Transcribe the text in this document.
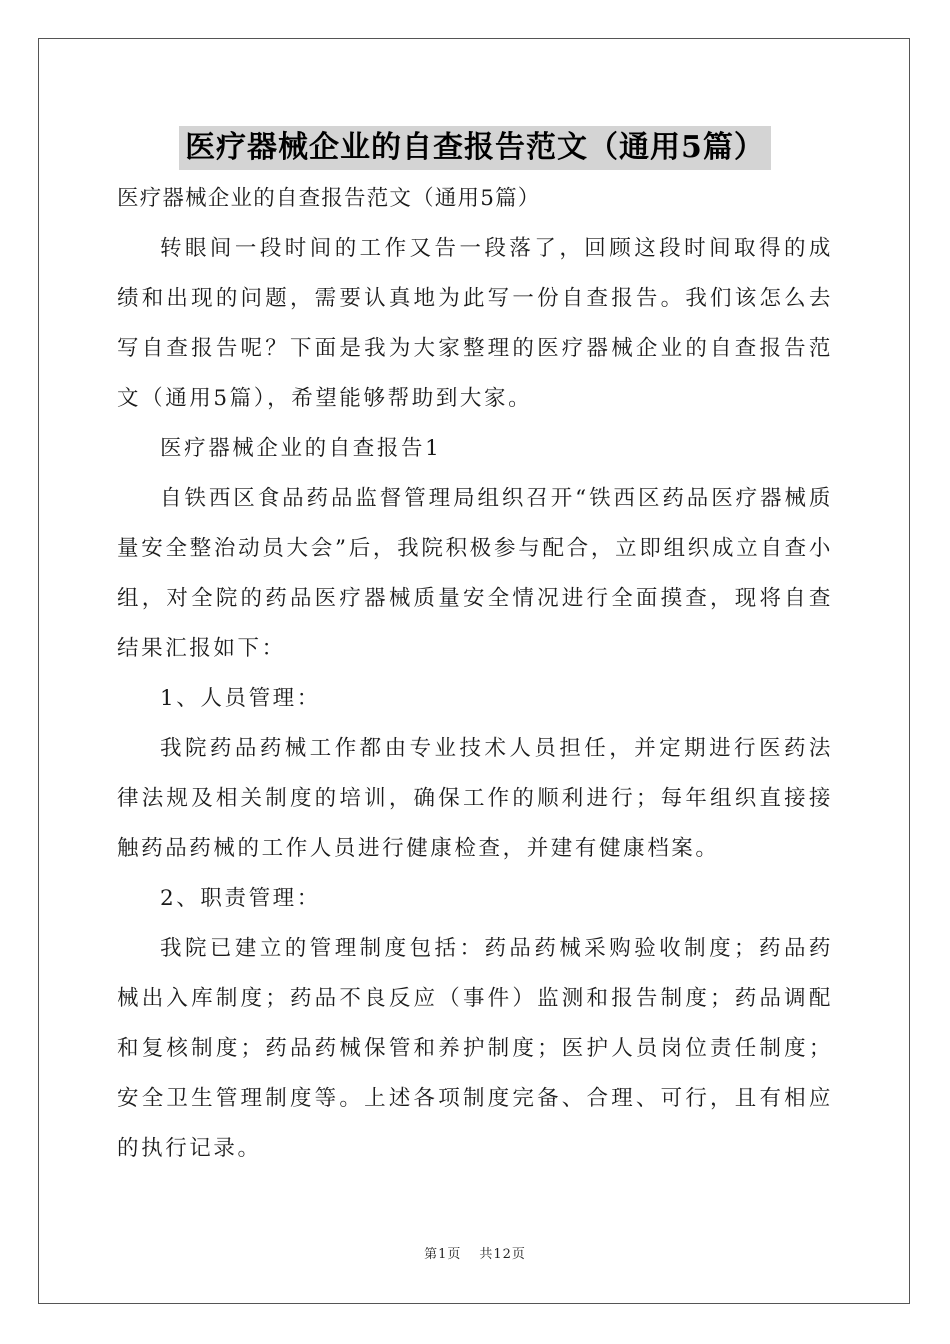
医疗器械企业的自查报告范文（通用5篇）

医疗器械企业的自查报告范文（通用5篇）

转眼间一段时间的工作又告一段落了，回顾这段时间取得的成绩和出现的问题，需要认真地为此写一份自查报告。我们该怎么去写自查报告呢？下面是我为大家整理的医疗器械企业的自查报告范文（通用5篇），希望能够帮助到大家。

医疗器械企业的自查报告1

自铁西区食品药品监督管理局组织召开“铁西区药品医疗器械质量安全整治动员大会”后，我院积极参与配合，立即组织成立自查小组，对全院的药品医疗器械质量安全情况进行全面摸查，现将自查结果汇报如下：

1、人员管理：

我院药品药械工作都由专业技术人员担任，并定期进行医药法律法规及相关制度的培训，确保工作的顺利进行；每年组织直接接触药品药械的工作人员进行健康检查，并建有健康档案。

2、职责管理：

我院已建立的管理制度包括：药品药械采购验收制度；药品药械出入库制度；药品不良反应（事件）监测和报告制度；药品调配和复核制度；药品药械保管和养护制度；医护人员岗位责任制度；安全卫生管理制度等。上述各项制度完备、合理、可行，且有相应的执行记录。

第1页 共12页
